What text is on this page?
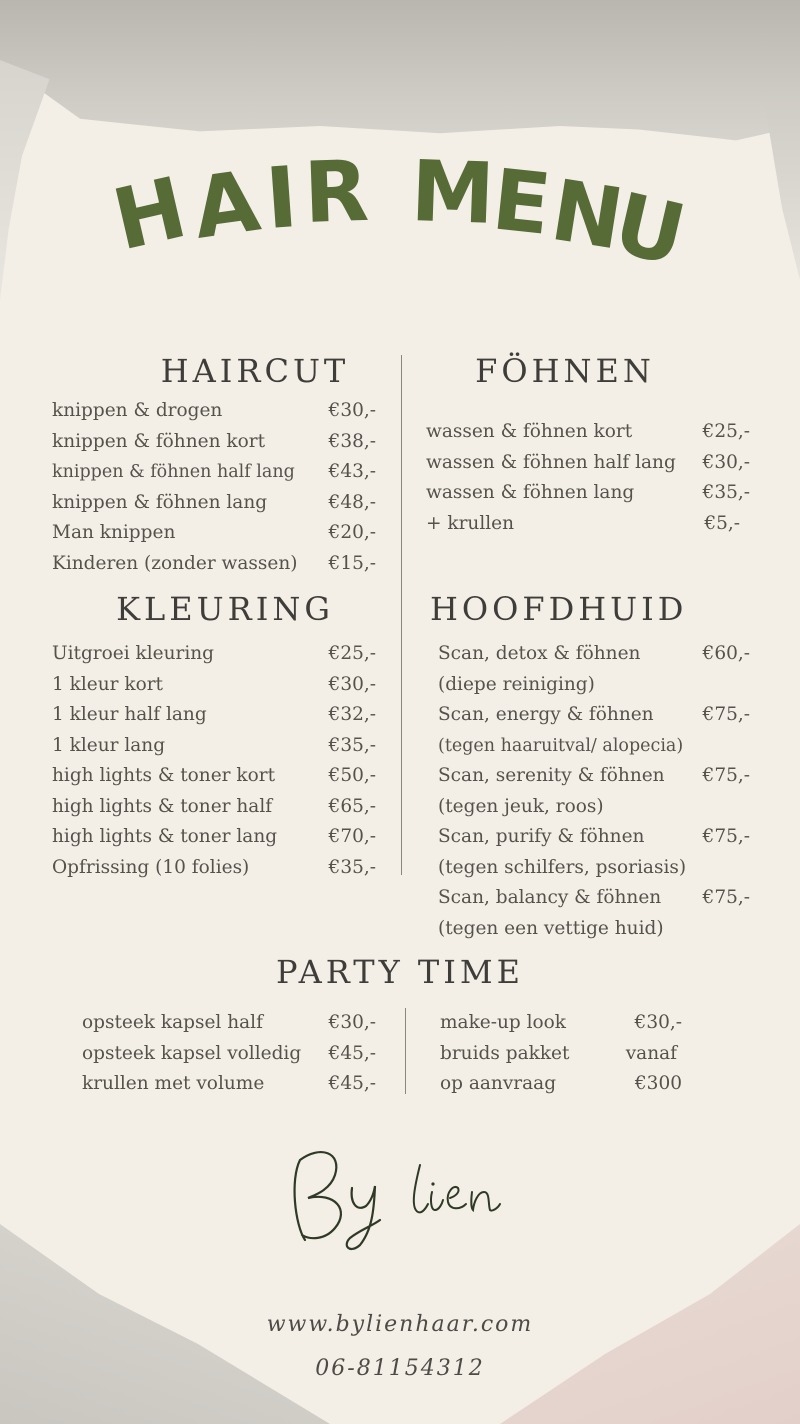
H
A
I R M
E
N
U
HAIRCUT	FÖHNEN
KLEURING	HOOFDHUID
PARTY TIME
knippen & drogen	€30,-
knippen & föhnen kort	€38,-
knippen & föhnen half lang €43,-
knippen & föhnen lang	€48,-
Man knippen	€20,-
Kinderen (zonder wassen) €15,-
wassen & föhnen kort	€25,-
wassen & föhnen half lang €30,-
wassen & föhnen lang	€35,-
+ krullen	€5,-
Uitgroei kleuring	€25,-
1 kleur kort	€30,-
1 kleur half lang	€32,-
1 kleur lang	€35,-
high lights & toner kort	€50,-
high lights & toner half	€65,-
high lights & toner lang	€70,-
Opfrissing (10 folies)	€35,-
Scan, detox & föhnen	€60,-
(diepe reiniging)
Scan, energy & föhnen	€75,-
(tegen haaruitval/ alopecia)
Scan, serenity & föhnen €75,-
(tegen jeuk, roos)
Scan, purify & föhnen	€75,-
(tegen schilfers, psoriasis)
Scan, balancy & föhnen €75,-
(tegen een vettige huid)
opsteek kapsel half	€30,-
opsteek kapsel volledig €45,-
krullen met volume	€45,-
make-up look	€30,-
bruids pakket	vanaf
op aanvraag	€300
www.bylienhaar.com
06-81154312
